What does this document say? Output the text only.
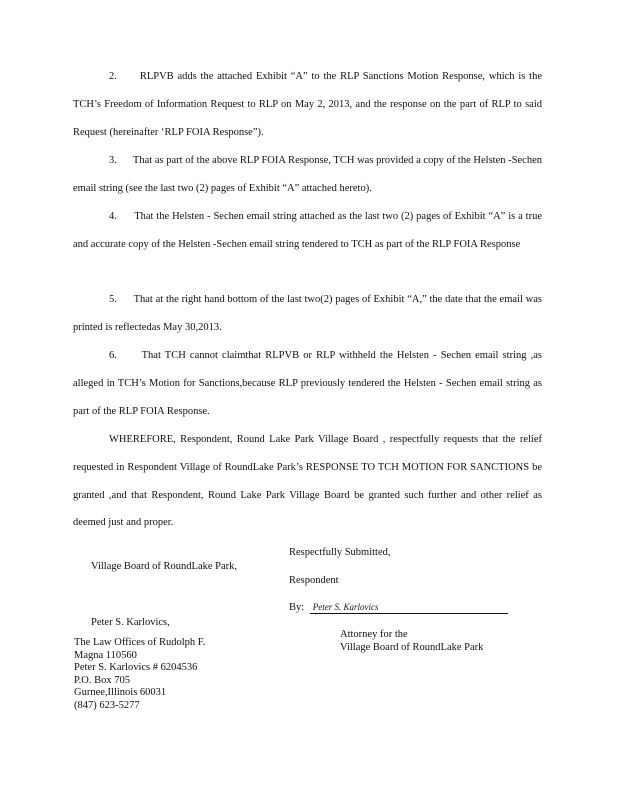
2. RLPVB adds the attached Exhibit “A” to the RLP Sanctions Motion Response, which is the TCH’s Freedom of Information Request to RLP on May 2, 2013, and the response on the part of RLP to said Request (hereinafter ‘RLP FOIA Response”).

3. That as part of the above RLP FOIA Response, TCH was provided a copy of the Helsten -Sechen email string (see the last two (2) pages of Exhibit “A” attached hereto).

4. That the Helsten - Sechen email string attached as the last two (2) pages of Exhibit “A” is a true and accurate copy of the Helsten -Sechen email string tendered to TCH as part of the RLP FOIA Response

5. That at the right hand bottom of the last two(2) pages of Exhibit “A,” the date that the email was printed is reflectedas May 30,2013.

6. That TCH cannot claimthat RLPVB or RLP withheld the Helsten - Sechen email string ,as alleged in TCH’s Motion for Sanctions,because RLP previously tendered the Helsten - Sechen email string as part of the RLP FOIA Response.

WHEREFORE, Respondent, Round Lake Park Village Board , respectfully requests that the relief requested in Respondent Village of RoundLake Park’s RESPONSE TO TCH MOTION FOR SANCTIONS be granted ,and that Respondent, Round Lake Park Village Board be granted such further and other relief as deemed just and proper.

Village Board of RoundLake Park,
Respectfully Submitted,
Respondent
By: Peter S. Karlovics
Attorney for the
Village Board of RoundLake Park
Peter S. Karlovics,
The Law Offices of Rudolph F.
Magna 110560
Peter S. Karlovics # 6204536
P.O. Box 705
Gurnee,Illinois 60031
(847) 623-5277
